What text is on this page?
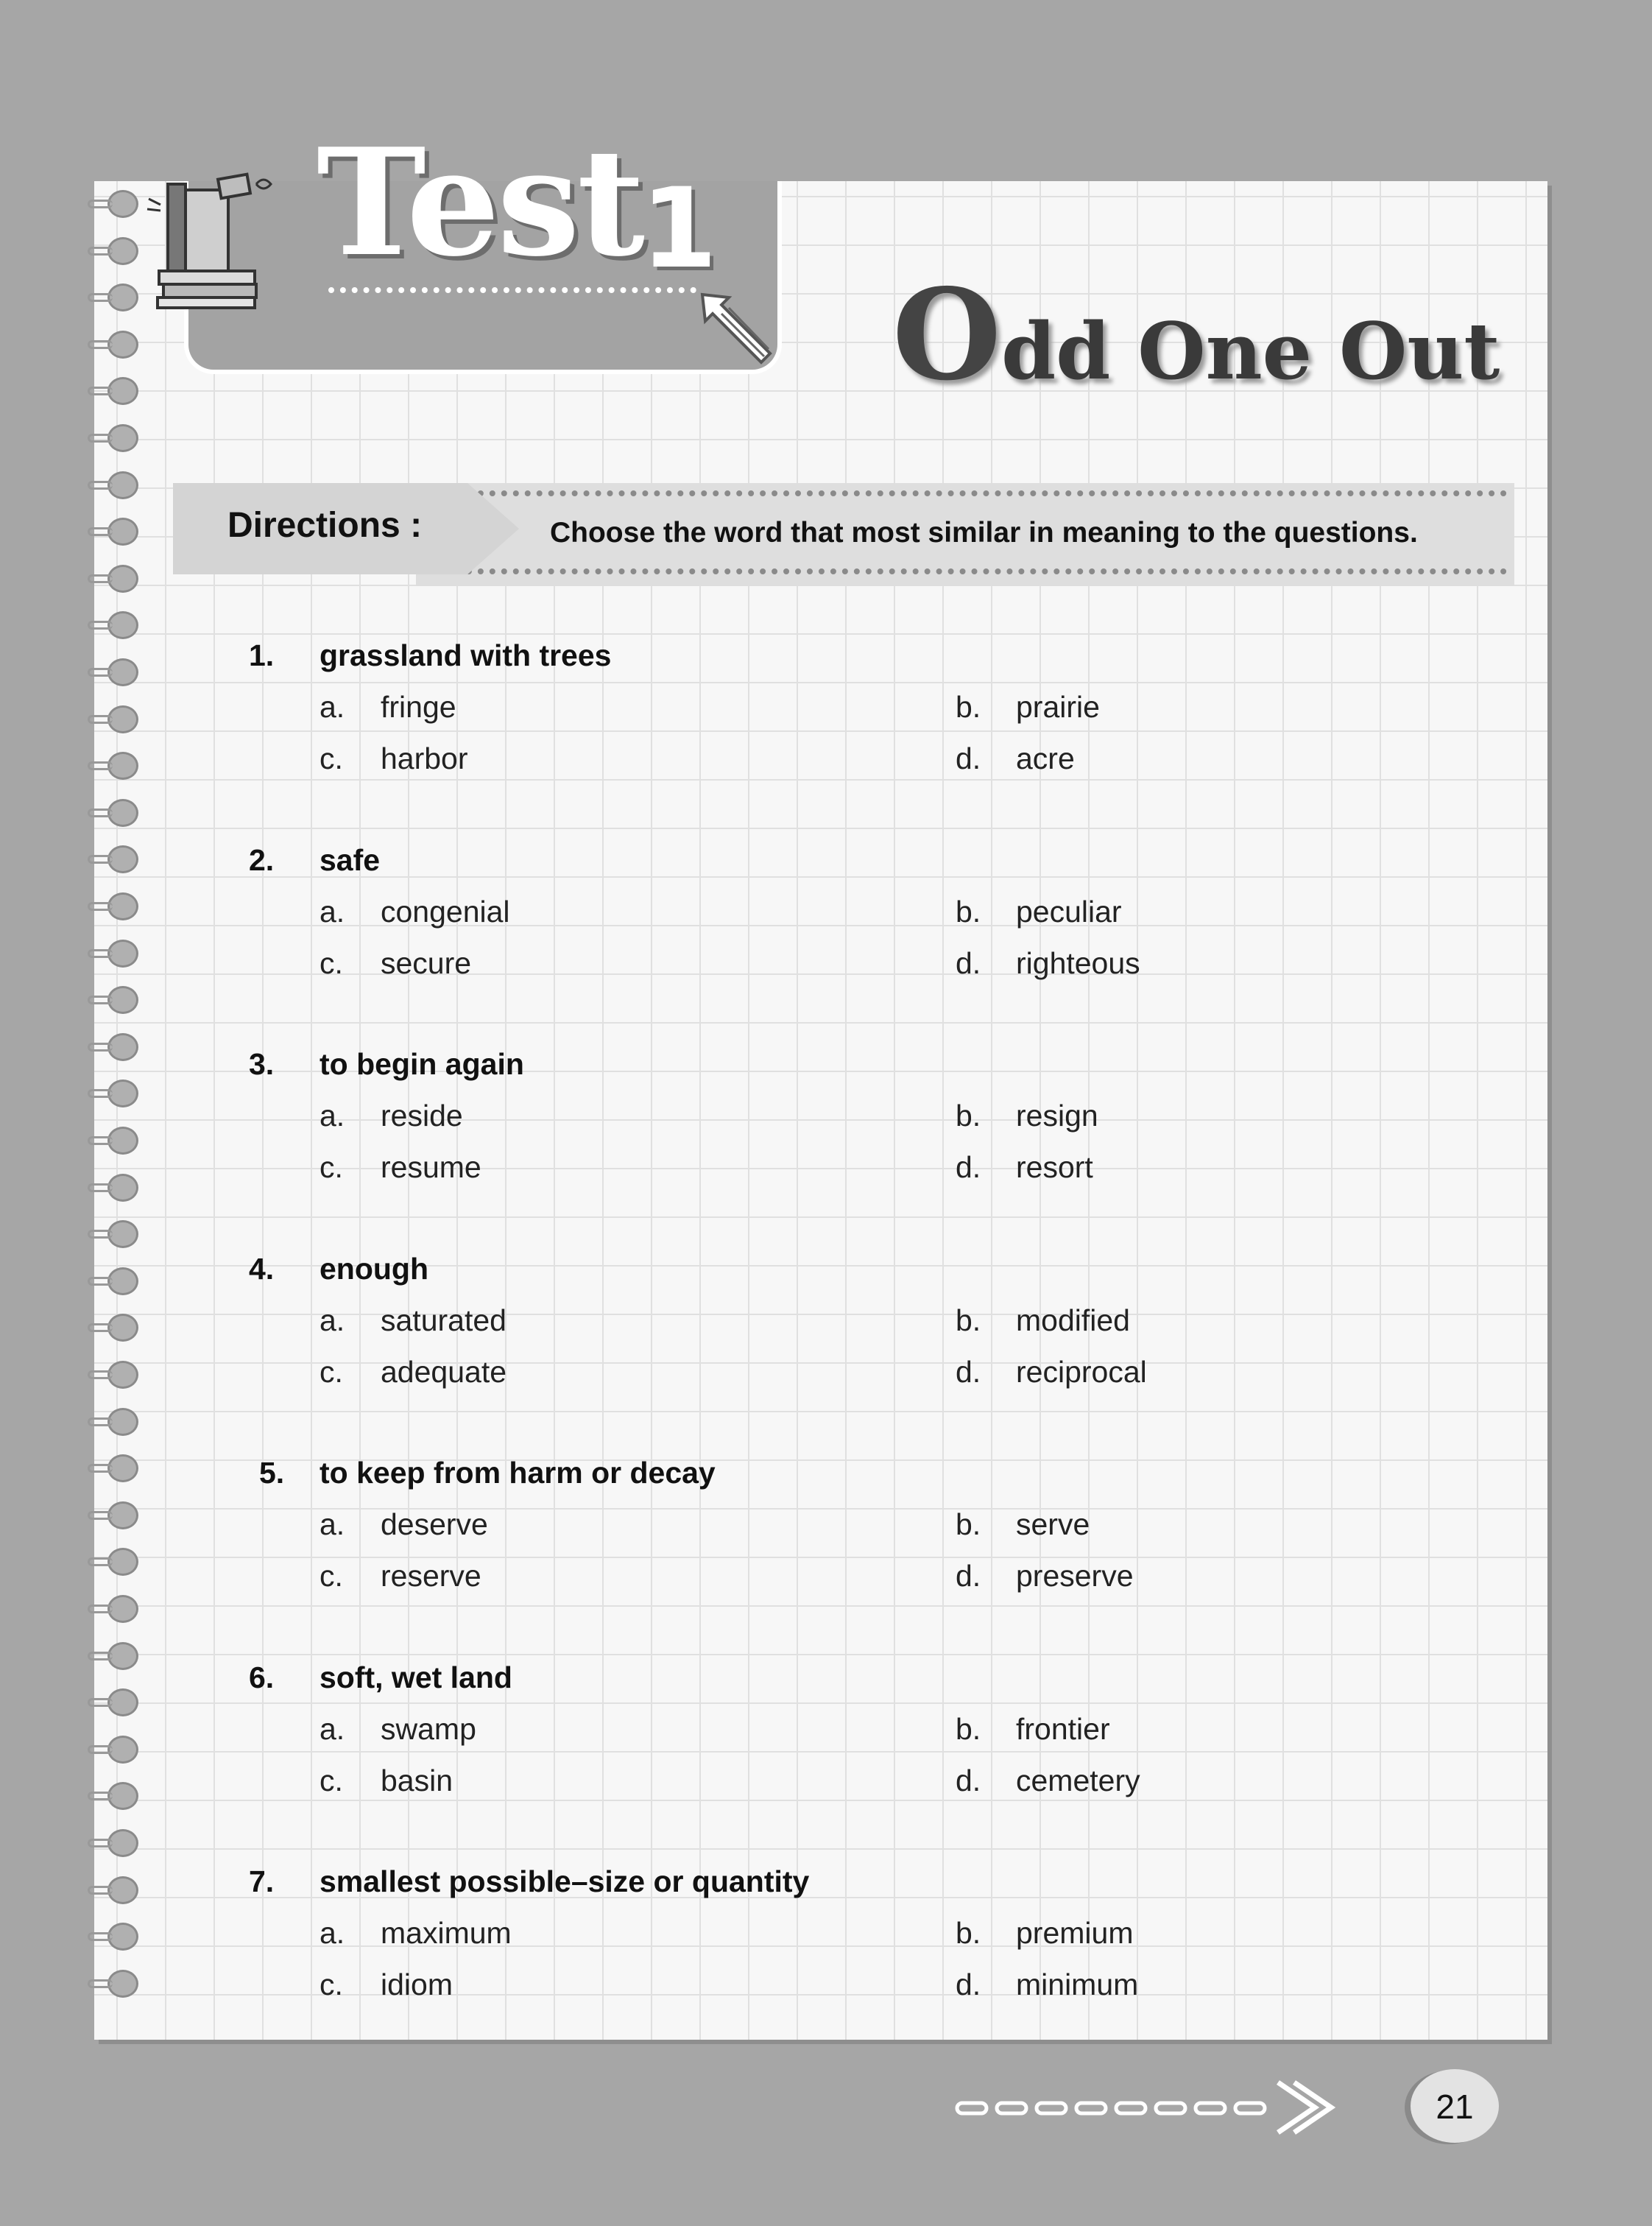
Test
1
Odd One Out
Directions :	Choose the word that most similar in meaning to the questions.
1. grassland with trees
a. fringe	b. prairie
c. harbor	d. acre
2. safe
a. congenial	b. peculiar
c. secure	d. righteous
3. to begin again
a. reside	b. resign
c. resume	d. resort
4. enough
a. saturated	b. modified
c. adequate	d. reciprocal
5. to keep from harm or decay
a. deserve	b. serve
c. reserve	d. preserve
6. soft, wet land
a. swamp	b. frontier
c. basin	d. cemetery
7. smallest possible–size or quantity
a. maximum	b. premium
c. idiom	d. minimum
21
